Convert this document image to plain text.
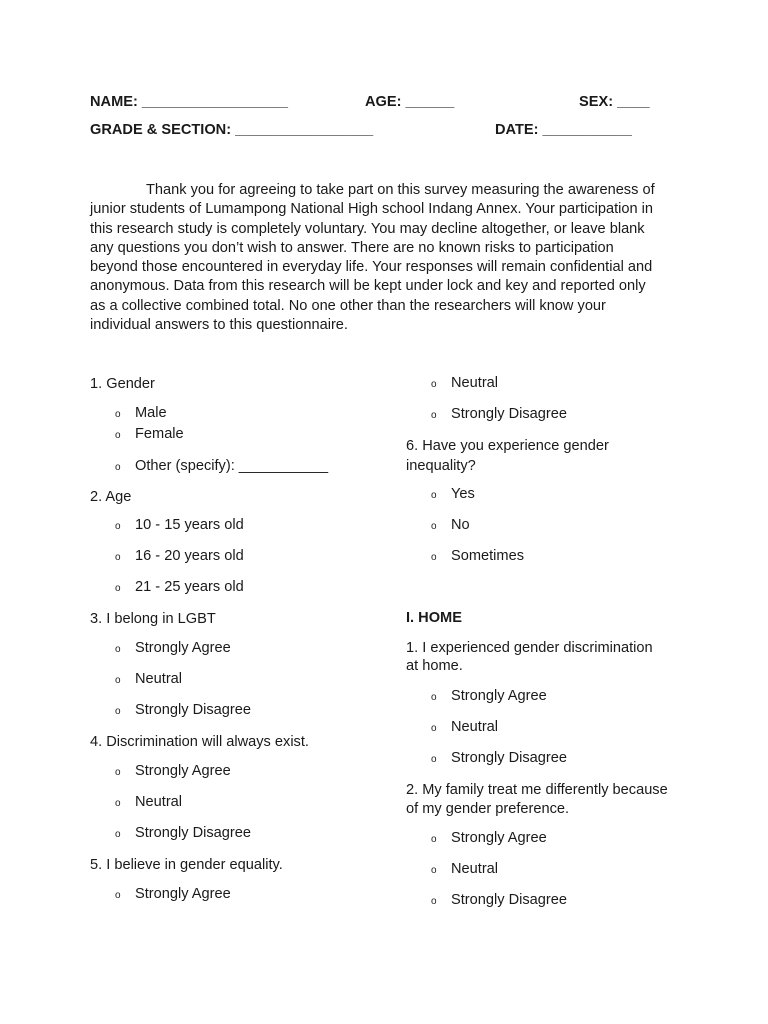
NAME: __________________	AGE: ______	SEX: ____
GRADE & SECTION: _________________	DATE: ___________
Thank you for agreeing to take part on this survey measuring the awareness of
junior students of Lumampong National High school Indang Annex. Your participation in
this research study is completely voluntary. You may decline altogether, or leave blank
any questions you don’t wish to answer. There are no known risks to participation
beyond those encountered in everyday life. Your responses will remain confidential and
anonymous. Data from this research will be kept under lock and key and reported only
as a collective combined total. No one other than the researchers will know your
individual answers to this questionnaire.
1. Gender
o Male
o Female
o Other (specify): ___________
2. Age
o 10 - 15 years old
o 16 - 20 years old
o 21 - 25 years old
3. I belong in LGBT
o Strongly Agree
o Neutral
o Strongly Disagree
4. Discrimination will always exist.
o Strongly Agree
o Neutral
o Strongly Disagree
5. I believe in gender equality.
o Strongly Agree
o Neutral
o Strongly Disagree
6. Have you experience gender
inequality?
o Yes
o No
o Sometimes
I. HOME
1. I experienced gender discrimination
at home.
o Strongly Agree
o Neutral
o Strongly Disagree
2. My family treat me differently because
of my gender preference.
o Strongly Agree
o Neutral
o Strongly Disagree
